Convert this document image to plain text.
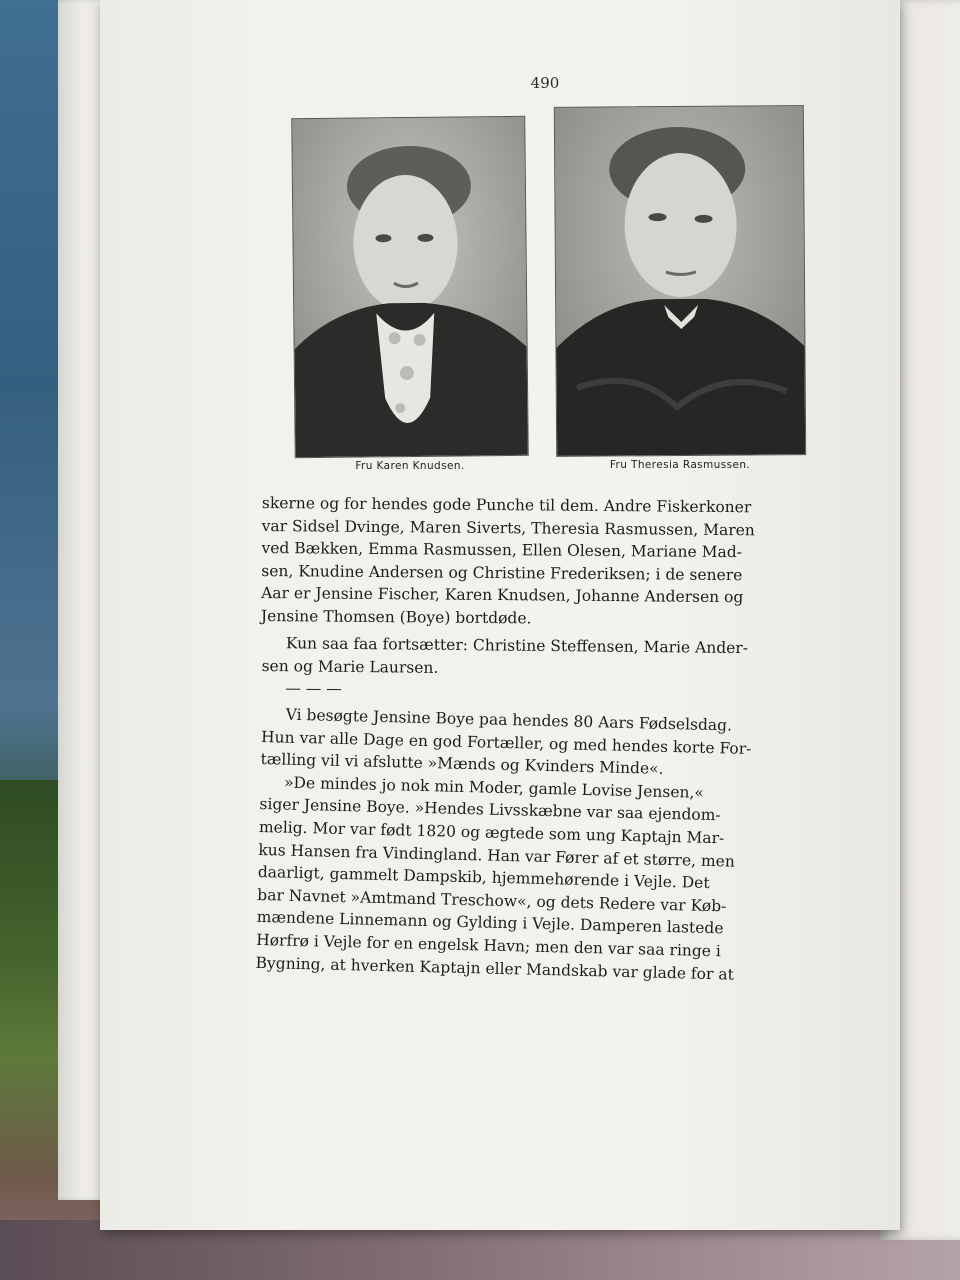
490
Fru Karen Knudsen.	Fru Theresia Rasmussen.
skerne og for hendes gode Punche til dem. Andre Fiskerkoner
var Sidsel Dvinge, Maren Siverts, Theresia Rasmussen, Maren
ved Bækken, Emma Rasmussen, Ellen Olesen, Mariane Mad-
sen, Knudine Andersen og Christine Frederiksen; i de senere
Aar er Jensine Fischer, Karen Knudsen, Johanne Andersen og
Jensine Thomsen (Boye) bortdøde.
Kun saa faa fortsætter: Christine Steffensen, Marie Ander-
sen og Marie Laursen.
— — —
Vi besøgte Jensine Boye paa hendes 80 Aars Fødselsdag.
Hun var alle Dage en god Fortæller, og med hendes korte For-
tælling vil vi afslutte »Mænds og Kvinders Minde«.
»De mindes jo nok min Moder, gamle Lovise Jensen,«
siger Jensine Boye. »Hendes Livsskæbne var saa ejendom-
melig. Mor var født 1820 og ægtede som ung Kaptajn Mar-
kus Hansen fra Vindingland. Han var Fører af et større, men
daarligt, gammelt Dampskib, hjemmehørende i Vejle. Det
bar Navnet »Amtmand Treschow«, og dets Redere var Køb-
mændene Linnemann og Gylding i Vejle. Damperen lastede
Hørfrø i Vejle for en engelsk Havn; men den var saa ringe i
Bygning, at hverken Kaptajn eller Mandskab var glade for at
